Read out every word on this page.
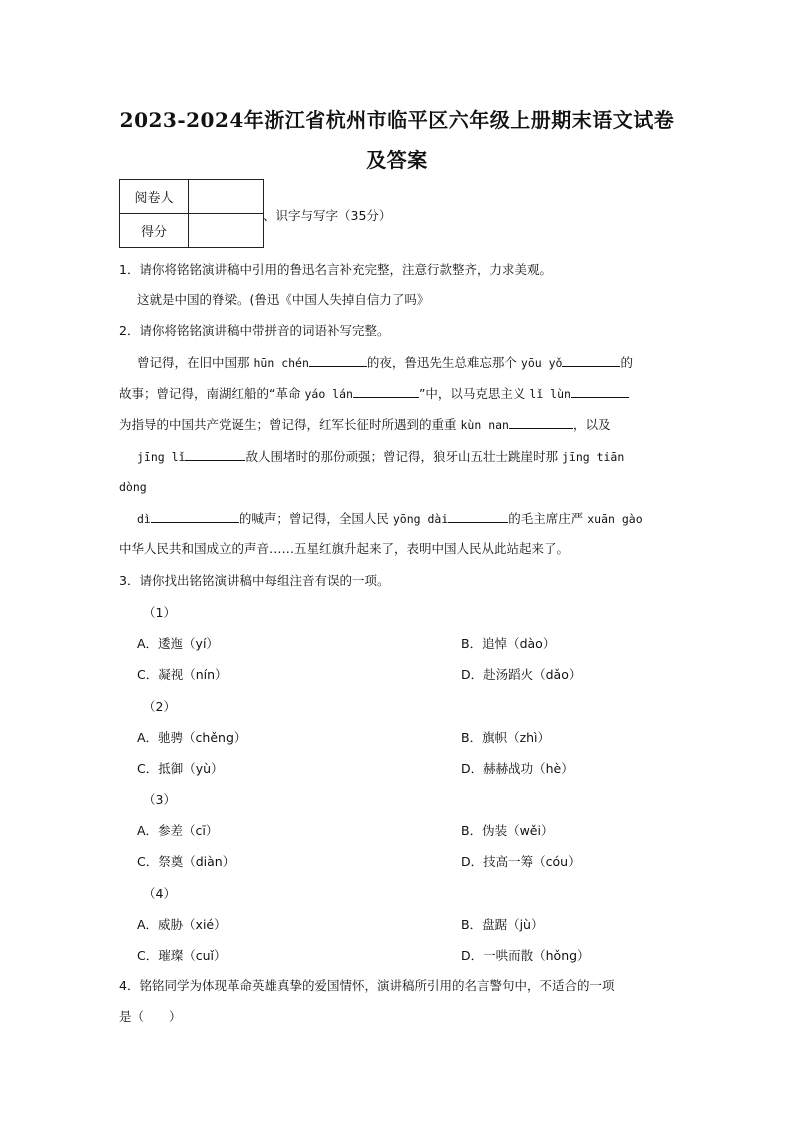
2023-2024年浙江省杭州市临平区六年级上册期末语文试卷
及答案
阅卷人	
得分	
、识字与写字（35分）
1．请你将铭铭演讲稿中引用的鲁迅名言补充完整，注意行款整齐，力求美观。
这就是中国的脊梁。(鲁迅《中国人失掉自信力了吗》
2．请你将铭铭演讲稿中带拼音的词语补写完整。
曾记得，在旧中国那 hūn chén	的夜，鲁迅先生总难忘那个 yōu yǒ	的
故事；曾记得，南湖红船的“革命 yáo lán	”中，以马克思主义 lǐ lùn
为指导的中国共产党诞生；曾记得，红军长征时所遇到的重重 kùn nan	，以及
jīng lǐ	敌人围堵时的那份顽强；曾记得，狼牙山五壮士跳崖时那 jīng tiān
dòng
dì	的喊声；曾记得，全国人民 yōng dài	的毛主席庄严 xuān gào
中华人民共和国成立的声音……五星红旗升起来了，表明中国人民从此站起来了。
3．请你找出铭铭演讲稿中每组注音有误的一项。
（1）
A．逶迤（yí）	B．追悼（dào）
C．凝视（nín）	D．赴汤蹈火（dǎo）
（2）
A．驰骋（chěng）	B．旗帜（zhì）
C．抵御（yù）	D．赫赫战功（hè）
（3）
A．参差（cī）	B．伪装（wěi）
C．祭奠（diàn）	D．技高一筹（cóu）
（4）
A．威胁（xié）	B．盘踞（jù）
C．璀璨（cuǐ）	D．一哄而散（hǒng）
4．铭铭同学为体现革命英雄真挚的爱国情怀，演讲稿所引用的名言警句中，不适合的一项
是（　　）
